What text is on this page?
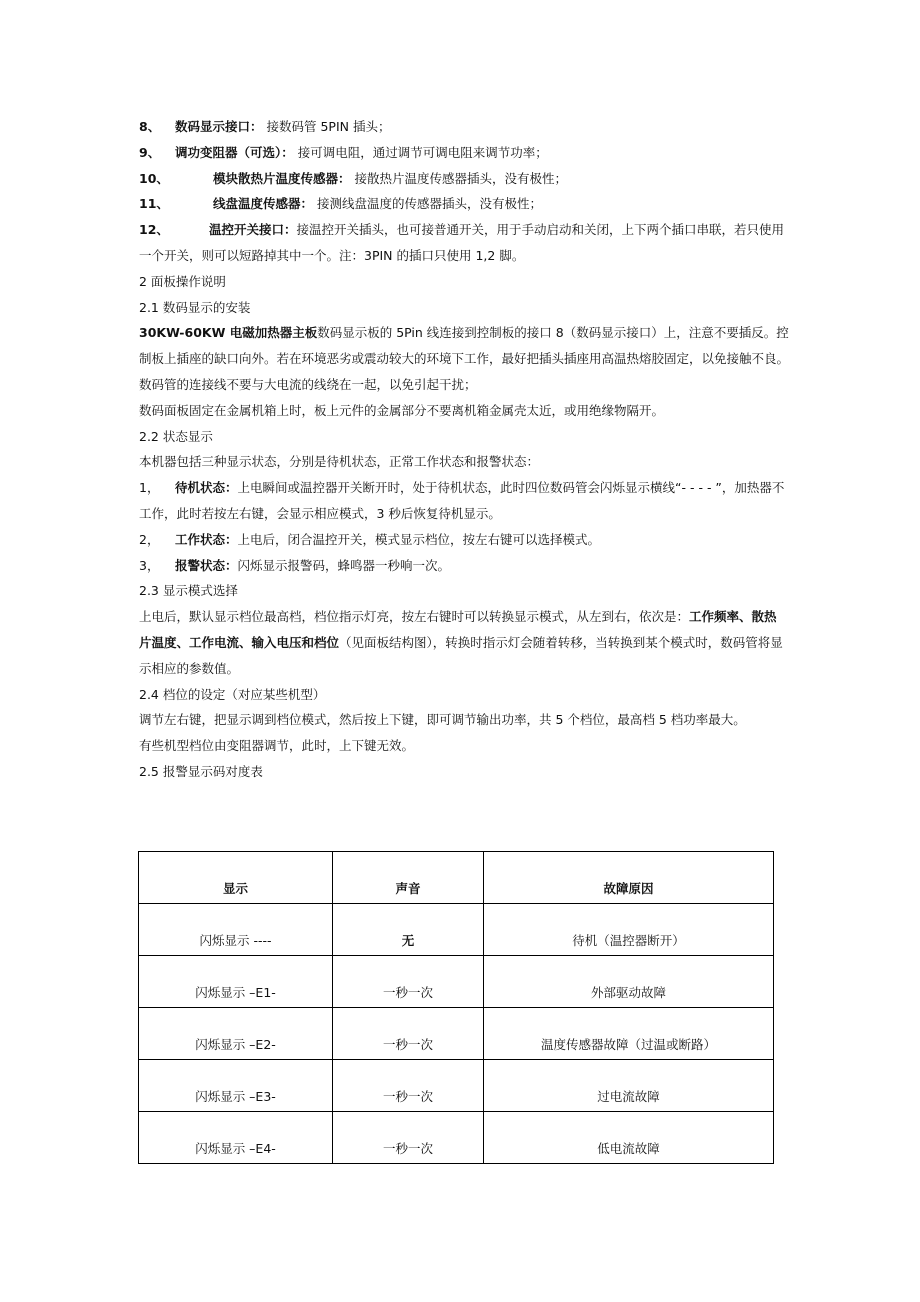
8、 数码显示接口： 接数码管 5PIN 插头；
9、 调功变阻器（可选）： 接可调电阻，通过调节可调电阻来调节功率；
10、	模块散热片温度传感器： 接散热片温度传感器插头，没有极性；
11、	线盘温度传感器： 接测线盘温度的传感器插头，没有极性；
12、	温控开关接口：接温控开关插头，也可接普通开关，用于手动启动和关闭，上下两个插口串联，若只使用一个开关，则可以短路掉其中一个。注：3PIN 的插口只使用 1,2 脚。
2 面板操作说明
2.1 数码显示的安装
30KW-60KW 电磁加热器主板数码显示板的 5Pin 线连接到控制板的接口 8（数码显示接口）上，注意不要插反。控制板上插座的缺口向外。若在环境恶劣或震动较大的环境下工作，最好把插头插座用高温热熔胶固定，以免接触不良。
数码管的连接线不要与大电流的线绕在一起，以免引起干扰；
数码面板固定在金属机箱上时，板上元件的金属部分不要离机箱金属壳太近，或用绝缘物隔开。
2.2 状态显示
本机器包括三种显示状态，分别是待机状态，正常工作状态和报警状态：
1， 待机状态：上电瞬间或温控器开关断开时，处于待机状态，此时四位数码管会闪烁显示横线“- - - - ”，加热器不工作，此时若按左右键，会显示相应模式，3 秒后恢复待机显示。
2， 工作状态：上电后，闭合温控开关，模式显示档位，按左右键可以选择模式。
3， 报警状态：闪烁显示报警码，蜂鸣器一秒响一次。
2.3 显示模式选择
上电后，默认显示档位最高档，档位指示灯亮，按左右键时可以转换显示模式，从左到右，依次是：工作频率、散热片温度、工作电流、输入电压和档位（见面板结构图），转换时指示灯会随着转移，当转换到某个模式时，数码管将显示相应的参数值。
2.4 档位的设定（对应某些机型）
调节左右键，把显示调到档位模式，然后按上下键，即可调节输出功率，共 5 个档位，最高档 5 档功率最大。
有些机型档位由变阻器调节，此时，上下键无效。
2.5 报警显示码对度表
显示	声音	故障原因
闪烁显示 ----	无	待机（温控器断开）
闪烁显示 –E1-	一秒一次	外部驱动故障
闪烁显示 –E2-	一秒一次	温度传感器故障（过温或断路）
闪烁显示 –E3-	一秒一次	过电流故障
闪烁显示 –E4-	一秒一次	低电流故障
